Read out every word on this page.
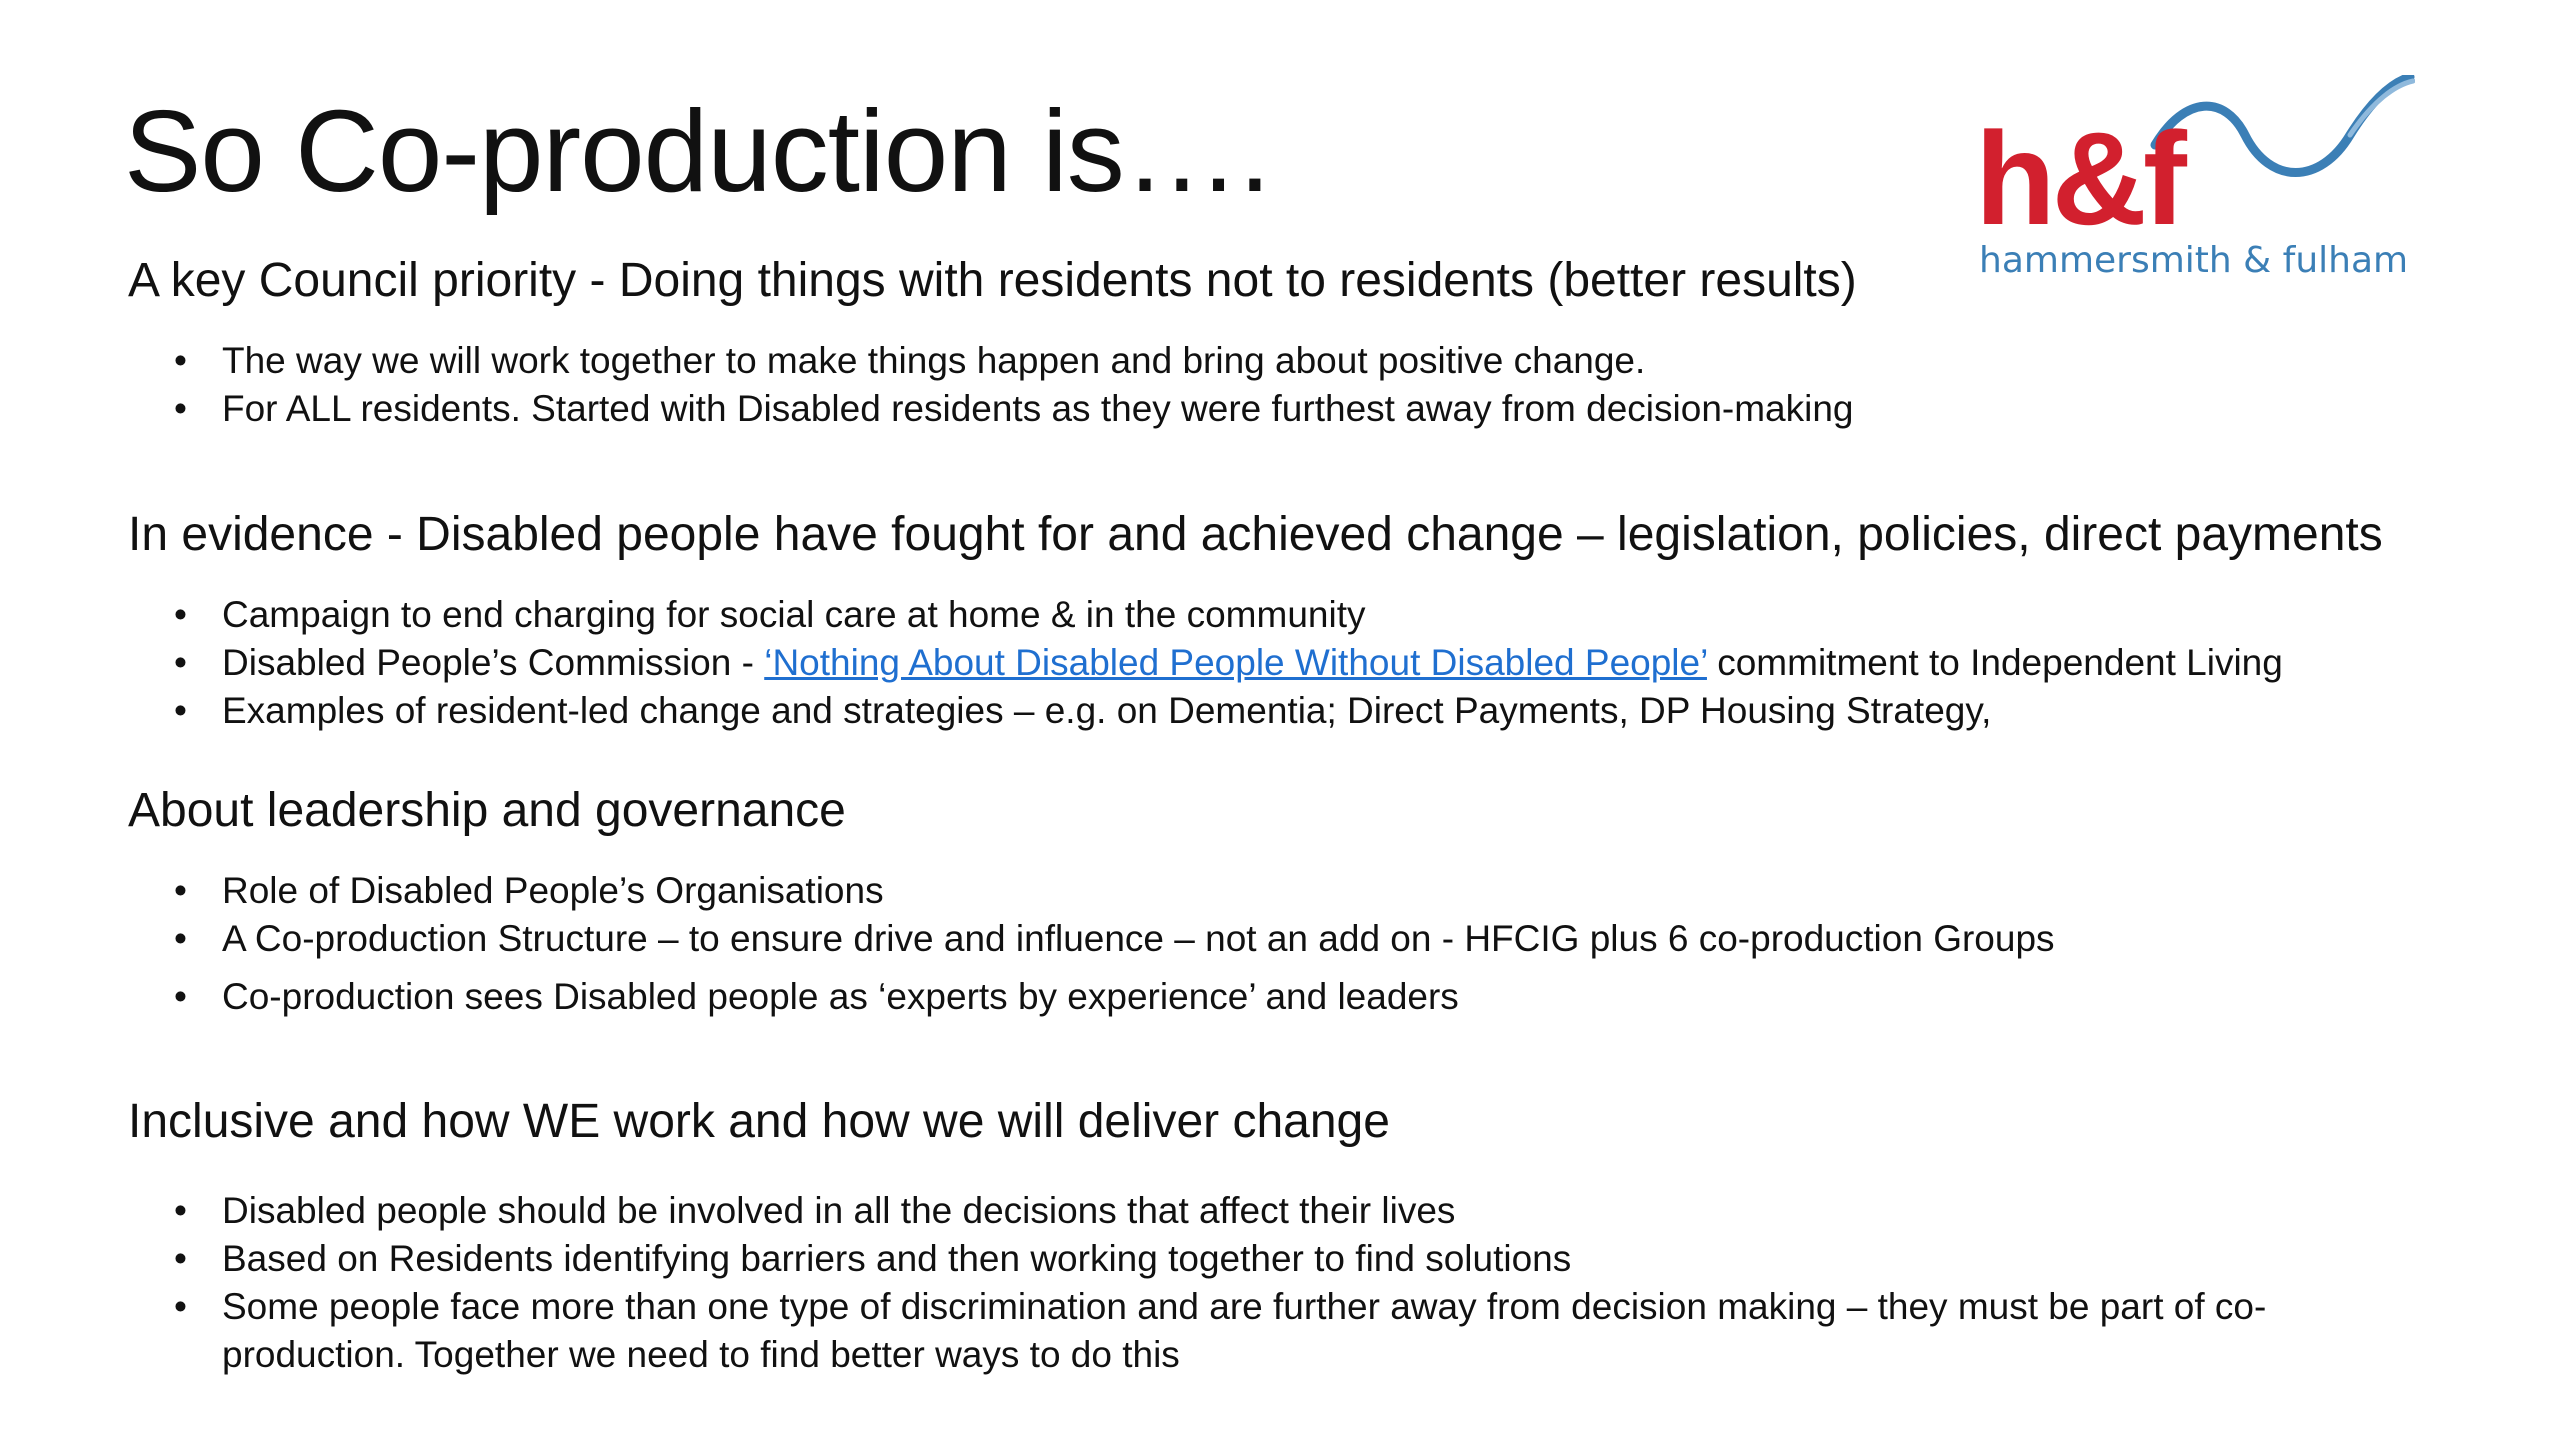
So Co-production is….	h&f
hammersmith & fulham
A key Council priority - Doing things with residents not to residents (better results)
• The way we will work together to make things happen and bring about positive change.
• For ALL residents. Started with Disabled residents as they were furthest away from decision-making
In evidence - Disabled people have fought for and achieved change – legislation, policies, direct payments
• Campaign to end charging for social care at home & in the community
• Disabled People’s Commission - ‘Nothing About Disabled People Without Disabled People’ commitment to Independent Living
• Examples of resident-led change and strategies – e.g. on Dementia; Direct Payments, DP Housing Strategy,
About leadership and governance
• Role of Disabled People’s Organisations
• A Co-production Structure – to ensure drive and influence – not an add on - HFCIG plus 6 co-production Groups
• Co-production sees Disabled people as ‘experts by experience’ and leaders
Inclusive and how WE work and how we will deliver change
• Disabled people should be involved in all the decisions that affect their lives
• Based on Residents identifying barriers and then working together to find solutions
• Some people face more than one type of discrimination and are further away from decision making – they must be part of co-production. Together we need to find better ways to do this
